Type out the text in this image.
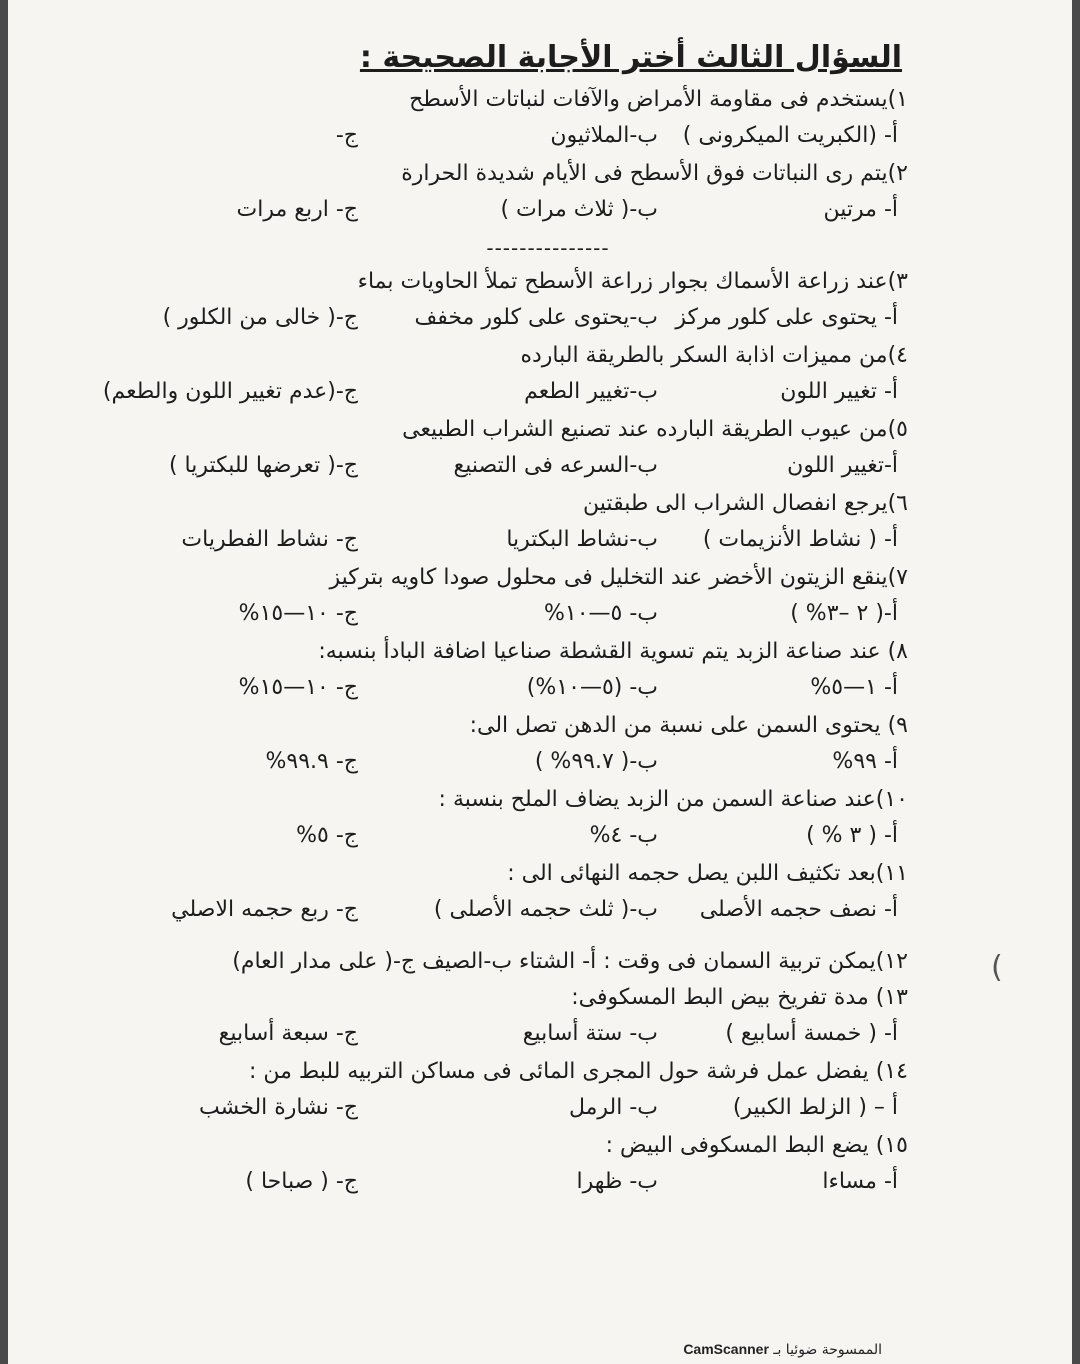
السؤال الثالث أختر الأجابة الصحيحة :
١)يستخدم فى مقاومة الأمراض والآفات لنباتات الأسطح
أ- (الكبريت الميكرونى )
ب-الملاثيون
ج-
٢)يتم رى النباتات فوق الأسطح فى الأيام شديدة الحرارة
أ- مرتين
ب-( ثلاث مرات )
ج- اربع مرات
---------------
٣)عند زراعة الأسماك بجوار زراعة الأسطح تملأ الحاويات بماء
أ- يحتوى على كلور مركز
ب-يحتوى على كلور مخفف
ج-( خالى من الكلور )
٤)من مميزات اذابة السكر بالطريقة البارده
أ- تغيير اللون
ب-تغيير الطعم
ج-(عدم تغيير اللون والطعم)
٥)من عيوب الطريقة البارده عند تصنيع الشراب الطبيعى
أ-تغيير اللون
ب-السرعه فى التصنيع
ج-( تعرضها للبكتريا )
٦)يرجع انفصال الشراب الى طبقتين
أ- ( نشاط الأنزيمات )
ب-نشاط البكتريا
ج- نشاط الفطريات
٧)ينقع الزيتون الأخضر عند التخليل فى محلول صودا كاويه بتركيز
أ-( ٢ –٣% )
ب- ٥—١٠%
ج- ١٠—١٥%
٨) عند صناعة الزبد يتم تسوية القشطة صناعيا اضافة البادأ بنسبه:
أ- ١—٥%
ب- (٥—١٠%)
ج- ١٠—١٥%
٩) يحتوى السمن على نسبة من الدهن تصل الى:
أ- ٩٩%
ب-( ٩٩.٧% )
ج- ٩٩.٩%
١٠)عند صناعة السمن من الزبد يضاف الملح بنسبة :
أ- ( ٣ % )
ب- ٤%
ج- ٥%
١١)بعد تكثيف اللبن يصل حجمه النهائى الى :
أ- نصف حجمه الأصلى
ب-( ثلث حجمه الأصلى )
ج- ربع حجمه الاصلي
١٢)يمكن تربية السمان فى وقت : أ- الشتاء ب-الصيف ج-( على مدار العام)
١٣) مدة تفريخ بيض البط المسكوفى:
أ- ( خمسة أسابيع )
ب- ستة أسابيع
ج- سبعة أسابيع
١٤) يفضل عمل فرشة حول المجرى المائى فى مساكن التربيه للبط من :
أ – ( الزلط الكبير)
ب- الرمل
ج- نشارة الخشب
١٥) يضع البط المسكوفى البيض :
أ- مساءا
ب- ظهرا
ج- ( صباحا )
(
الممسوحة ضوئيا بـ CamScanner
